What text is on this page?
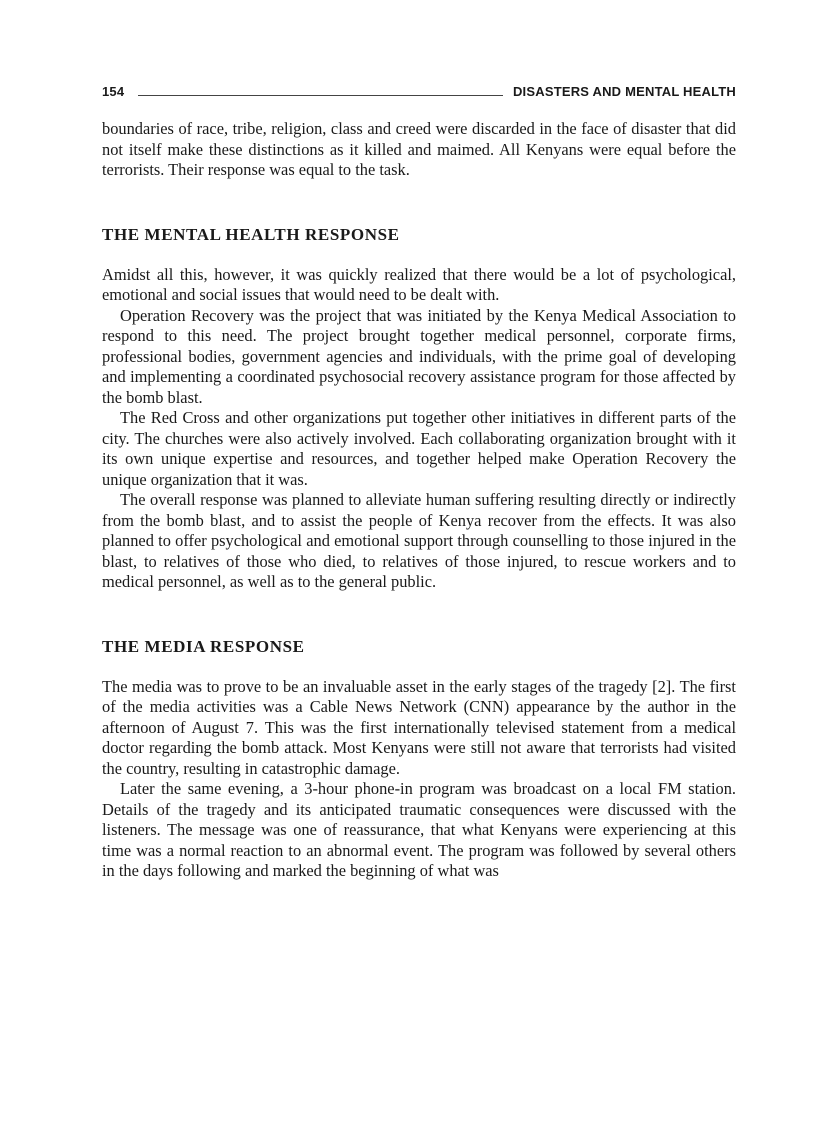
154	DISASTERS AND MENTAL HEALTH

boundaries of race, tribe, religion, class and creed were discarded in the face of disaster that did not itself make these distinctions as it killed and maimed. All Kenyans were equal before the terrorists. Their response was equal to the task.

THE MENTAL HEALTH RESPONSE

Amidst all this, however, it was quickly realized that there would be a lot of psychological, emotional and social issues that would need to be dealt with.

Operation Recovery was the project that was initiated by the Kenya Medical Association to respond to this need. The project brought together medical personnel, corporate firms, professional bodies, government agencies and individuals, with the prime goal of developing and implementing a coordinated psychosocial recovery assistance program for those affected by the bomb blast.

The Red Cross and other organizations put together other initiatives in different parts of the city. The churches were also actively involved. Each collaborating organization brought with it its own unique expertise and resources, and together helped make Operation Recovery the unique organization that it was.

The overall response was planned to alleviate human suffering resulting directly or indirectly from the bomb blast, and to assist the people of Kenya recover from the effects. It was also planned to offer psychological and emotional support through counselling to those injured in the blast, to relatives of those who died, to relatives of those injured, to rescue workers and to medical personnel, as well as to the general public.

THE MEDIA RESPONSE

The media was to prove to be an invaluable asset in the early stages of the tragedy [2]. The first of the media activities was a Cable News Network (CNN) appearance by the author in the afternoon of August 7. This was the first internationally televised statement from a medical doctor regarding the bomb attack. Most Kenyans were still not aware that terrorists had visited the country, resulting in catastrophic damage.

Later the same evening, a 3-hour phone-in program was broadcast on a local FM station. Details of the tragedy and its anticipated traumatic consequences were discussed with the listeners. The message was one of reassurance, that what Kenyans were experiencing at this time was a normal reaction to an abnormal event. The program was followed by several others in the days following and marked the beginning of what was
